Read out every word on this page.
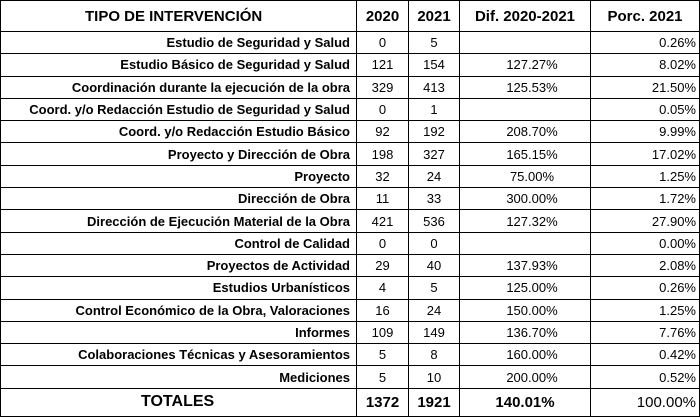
TIPO DE INTERVENCIÓN	2020	2021	Dif. 2020-2021	Porc. 2021
Estudio de Seguridad y Salud	0	5		0.26%
Estudio Básico de Seguridad y Salud	121	154	127.27%	8.02%
Coordinación durante la ejecución de la obra	329	413	125.53%	21.50%
Coord. y/o Redacción Estudio de Seguridad y Salud	0	1		0.05%
Coord. y/o Redacción Estudio Básico	92	192	208.70%	9.99%
Proyecto y Dirección de Obra	198	327	165.15%	17.02%
Proyecto	32	24	75.00%	1.25%
Dirección de Obra	11	33	300.00%	1.72%
Dirección de Ejecución Material de la Obra	421	536	127.32%	27.90%
Control de Calidad	0	0		0.00%
Proyectos de Actividad	29	40	137.93%	2.08%
Estudios Urbanísticos	4	5	125.00%	0.26%
Control Económico de la Obra, Valoraciones	16	24	150.00%	1.25%
Informes	109	149	136.70%	7.76%
Colaboraciones Técnicas y Asesoramientos	5	8	160.00%	0.42%
Mediciones	5	10	200.00%	0.52%
TOTALES	1372	1921	140.01%	100.00%
